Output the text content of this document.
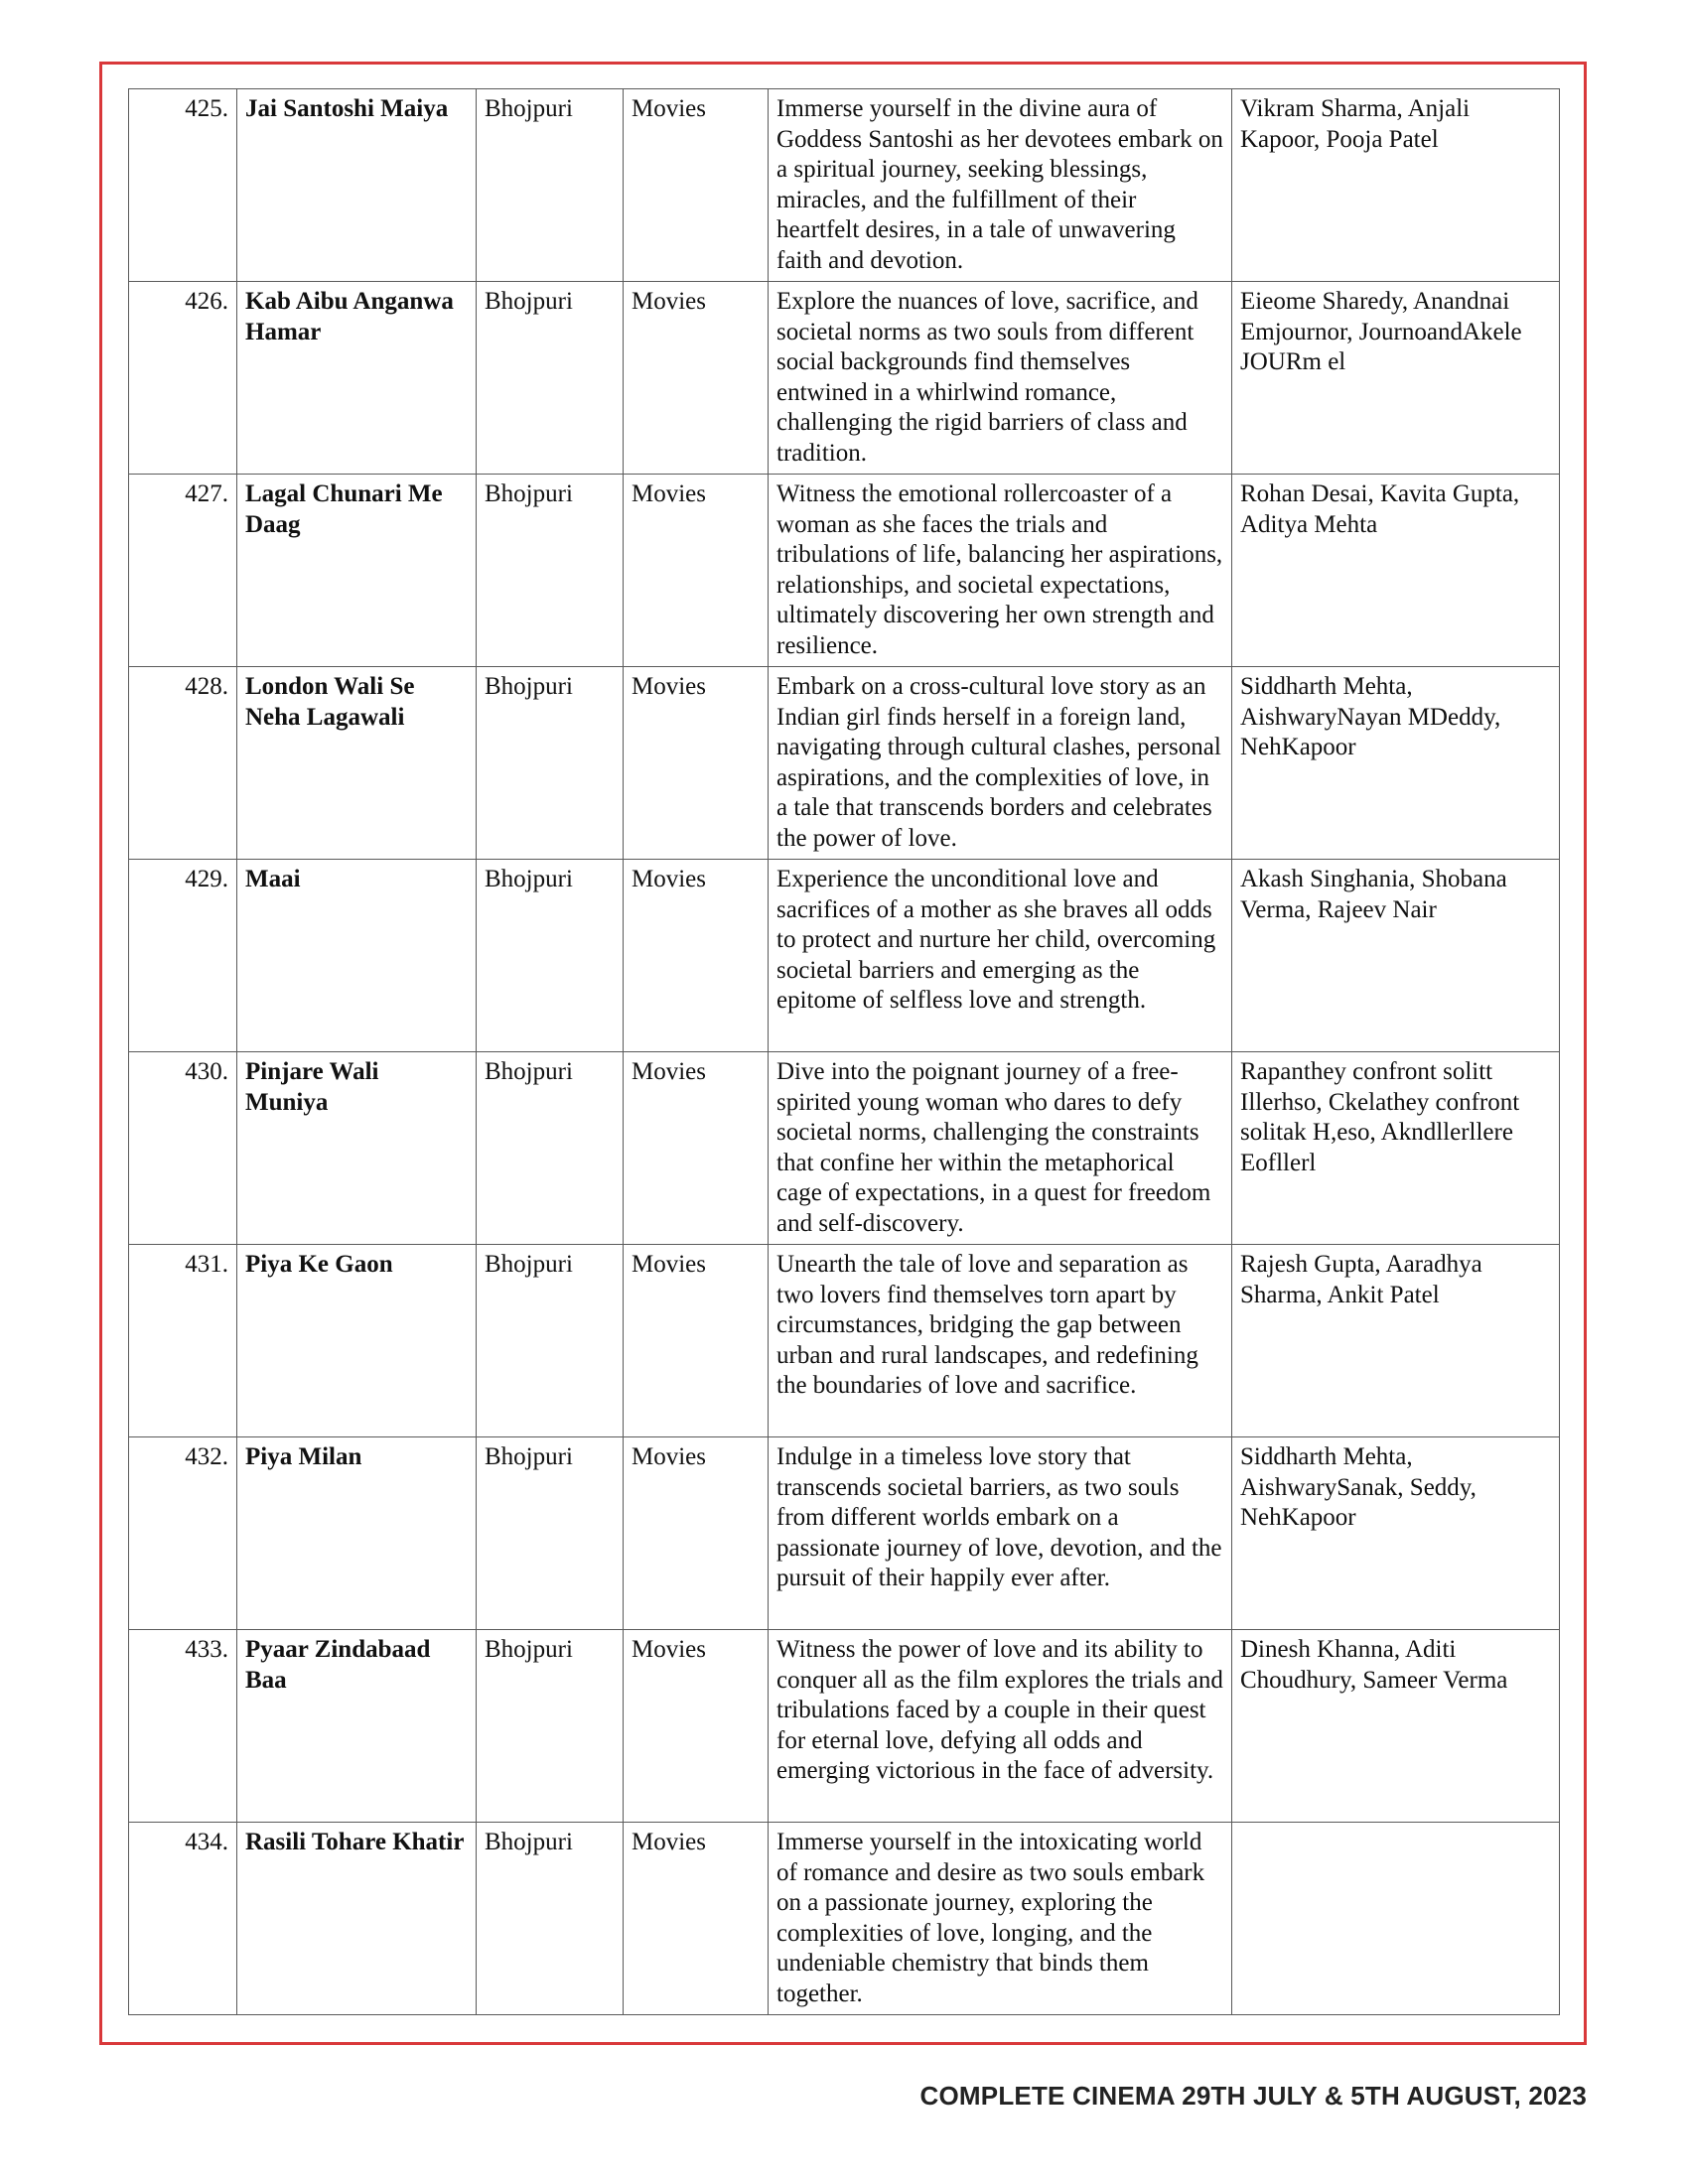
425.	Jai Santoshi Maiya	Bhojpuri	Movies	Immerse yourself in the divine aura of Goddess Santoshi as her devotees embark on a spiritual journey, seeking blessings, miracles, and the fulfillment of their heartfelt desires, in a tale of unwavering faith and devotion.	Vikram Sharma, Anjali Kapoor, Pooja Patel
426.	Kab Aibu Anganwa Hamar	Bhojpuri	Movies	Explore the nuances of love, sacrifice, and societal norms as two souls from different social backgrounds find themselves entwined in a whirlwind romance, challenging the rigid barriers of class and tradition.	Eieome Sharedy, Anandnai Emjournor, JournoandAkele JOURm el
427.	Lagal Chunari Me Daag	Bhojpuri	Movies	Witness the emotional rollercoaster of a woman as she faces the trials and tribulations of life, balancing her aspirations, relationships, and societal expectations, ultimately discovering her own strength and resilience.	Rohan Desai, Kavita Gupta, Aditya Mehta
428.	London Wali Se Neha Lagawali	Bhojpuri	Movies	Embark on a cross-cultural love story as an Indian girl finds herself in a foreign land, navigating through cultural clashes, personal aspirations, and the complexities of love, in a tale that transcends borders and celebrates the power of love.	Siddharth Mehta, AishwaryNayan MDeddy, NehKapoor
429.	Maai	Bhojpuri	Movies	Experience the unconditional love and sacrifices of a mother as she braves all odds to protect and nurture her child, overcoming societal barriers and emerging as the epitome of selfless love and strength.	Akash Singhania, Shobana Verma, Rajeev Nair
430.	Pinjare Wali Muniya	Bhojpuri	Movies	Dive into the poignant journey of a free-spirited young woman who dares to defy societal norms, challenging the constraints that confine her within the metaphorical cage of expectations, in a quest for freedom and self-discovery.	Rapanthey confront solitt Illerhso, Ckelathey confront solitak H,eso, Akndllerllere Eofllerl
431.	Piya Ke Gaon	Bhojpuri	Movies	Unearth the tale of love and separation as two lovers find themselves torn apart by circumstances, bridging the gap between urban and rural landscapes, and redefining the boundaries of love and sacrifice.	Rajesh Gupta, Aaradhya Sharma, Ankit Patel
432.	Piya Milan	Bhojpuri	Movies	Indulge in a timeless love story that transcends societal barriers, as two souls from different worlds embark on a passionate journey of love, devotion, and the pursuit of their happily ever after.	Siddharth Mehta, AishwarySanak, Seddy, NehKapoor
433.	Pyaar Zindabaad Baa	Bhojpuri	Movies	Witness the power of love and its ability to conquer all as the film explores the trials and tribulations faced by a couple in their quest for eternal love, defying all odds and emerging victorious in the face of adversity.	Dinesh Khanna, Aditi Choudhury, Sameer Verma
434.	Rasili Tohare Khatir	Bhojpuri	Movies	Immerse yourself in the intoxicating world of romance and desire as two souls embark on a passionate journey, exploring the complexities of love, longing, and the undeniable chemistry that binds them together.	
COMPLETE CINEMA 29TH JULY & 5TH AUGUST, 2023
